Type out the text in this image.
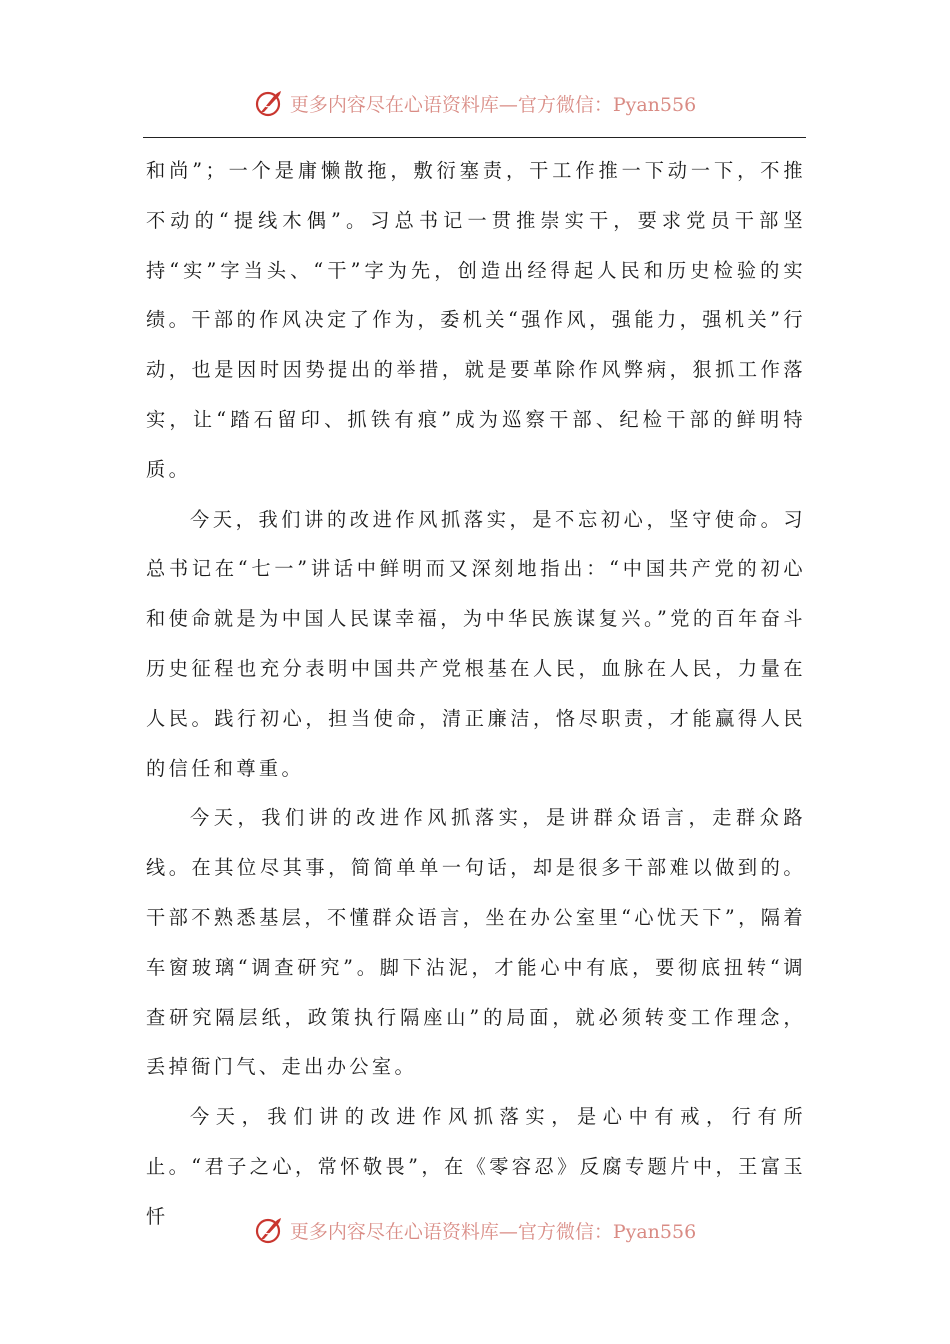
更多内容尽在心语资料库—官方微信：Pyan556

和尚”；一个是庸懒散拖，敷衍塞责，干工作推一下动一下，不推不动的“提线木偶”。习总书记一贯推崇实干，要求党员干部坚持“实”字当头、“干”字为先，创造出经得起人民和历史检验的实绩。干部的作风决定了作为，委机关“强作风，强能力，强机关”行动，也是因时因势提出的举措，就是要革除作风弊病，狠抓工作落实，让“踏石留印、抓铁有痕”成为巡察干部、纪检干部的鲜明特质。

今天，我们讲的改进作风抓落实，是不忘初心，坚守使命。习总书记在“七一”讲话中鲜明而又深刻地指出：“中国共产党的初心和使命就是为中国人民谋幸福，为中华民族谋复兴。”党的百年奋斗历史征程也充分表明中国共产党根基在人民，血脉在人民，力量在人民。践行初心，担当使命，清正廉洁，恪尽职责，才能赢得人民的信任和尊重。

今天，我们讲的改进作风抓落实，是讲群众语言，走群众路线。在其位尽其事，简简单单一句话，却是很多干部难以做到的。干部不熟悉基层，不懂群众语言，坐在办公室里“心忧天下”，隔着车窗玻璃“调查研究”。脚下沾泥，才能心中有底，要彻底扭转“调查研究隔层纸，政策执行隔座山”的局面，就必须转变工作理念，丢掉衙门气、走出办公室。

今天，我们讲的改进作风抓落实，是心中有戒，行有所止。“君子之心，常怀敬畏”，在《零容忍》反腐专题片中，王富玉忏

更多内容尽在心语资料库—官方微信：Pyan556
